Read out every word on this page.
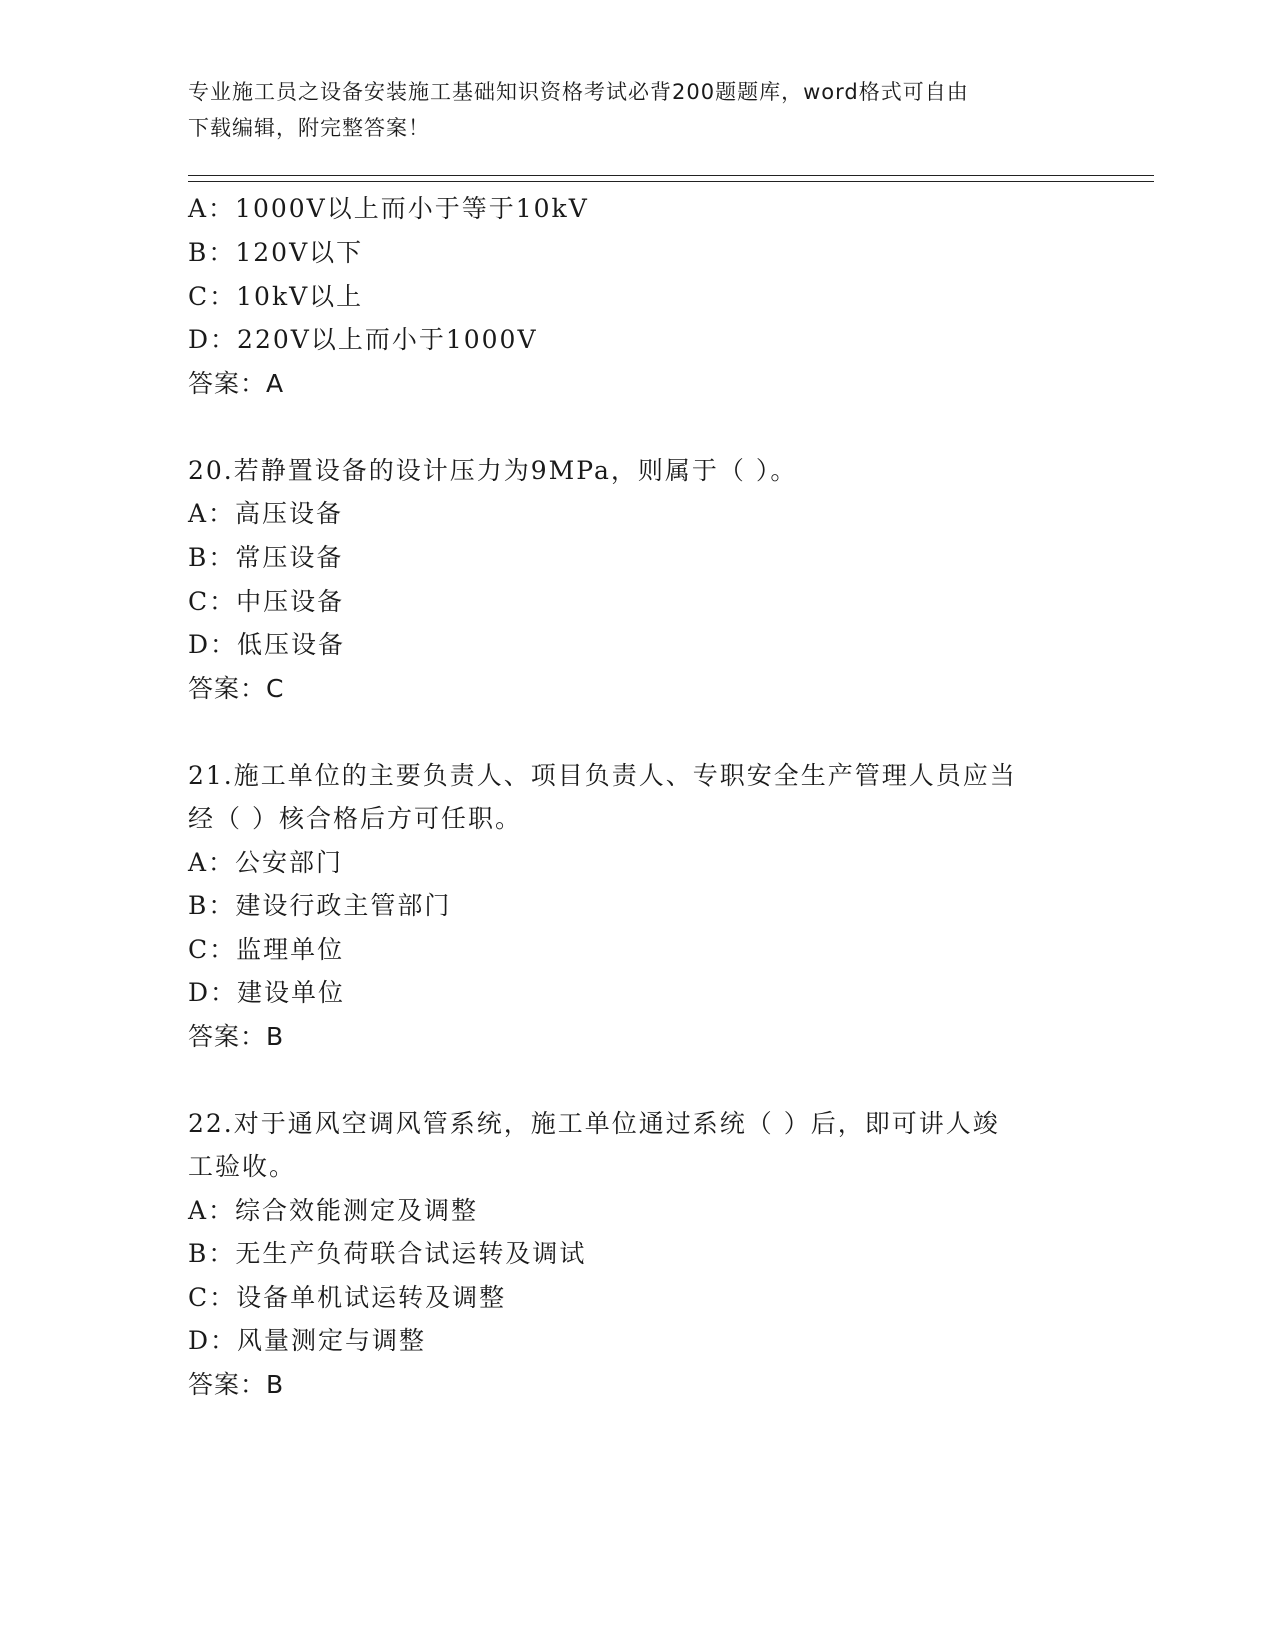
专业施工员之设备安装施工基础知识资格考试必背200题题库，word格式可自由
下载编辑，附完整答案！
A：1000V以上而小于等于10kV
B：120V以下
C：10kV以上
D：220V以上而小于1000V
答案：A
20.若静置设备的设计压力为9MPa，则属于（ ）。
A：高压设备
B：常压设备
C：中压设备
D：低压设备
答案：C
21.施工单位的主要负责人、项目负责人、专职安全生产管理人员应当
经（ ）核合格后方可任职。
A：公安部门
B：建设行政主管部门
C：监理单位
D：建设单位
答案：B
22.对于通风空调风管系统，施工单位通过系统（ ）后，即可讲人竣
工验收。
A：综合效能测定及调整
B：无生产负荷联合试运转及调试
C：设备单机试运转及调整
D：风量测定与调整
答案：B
